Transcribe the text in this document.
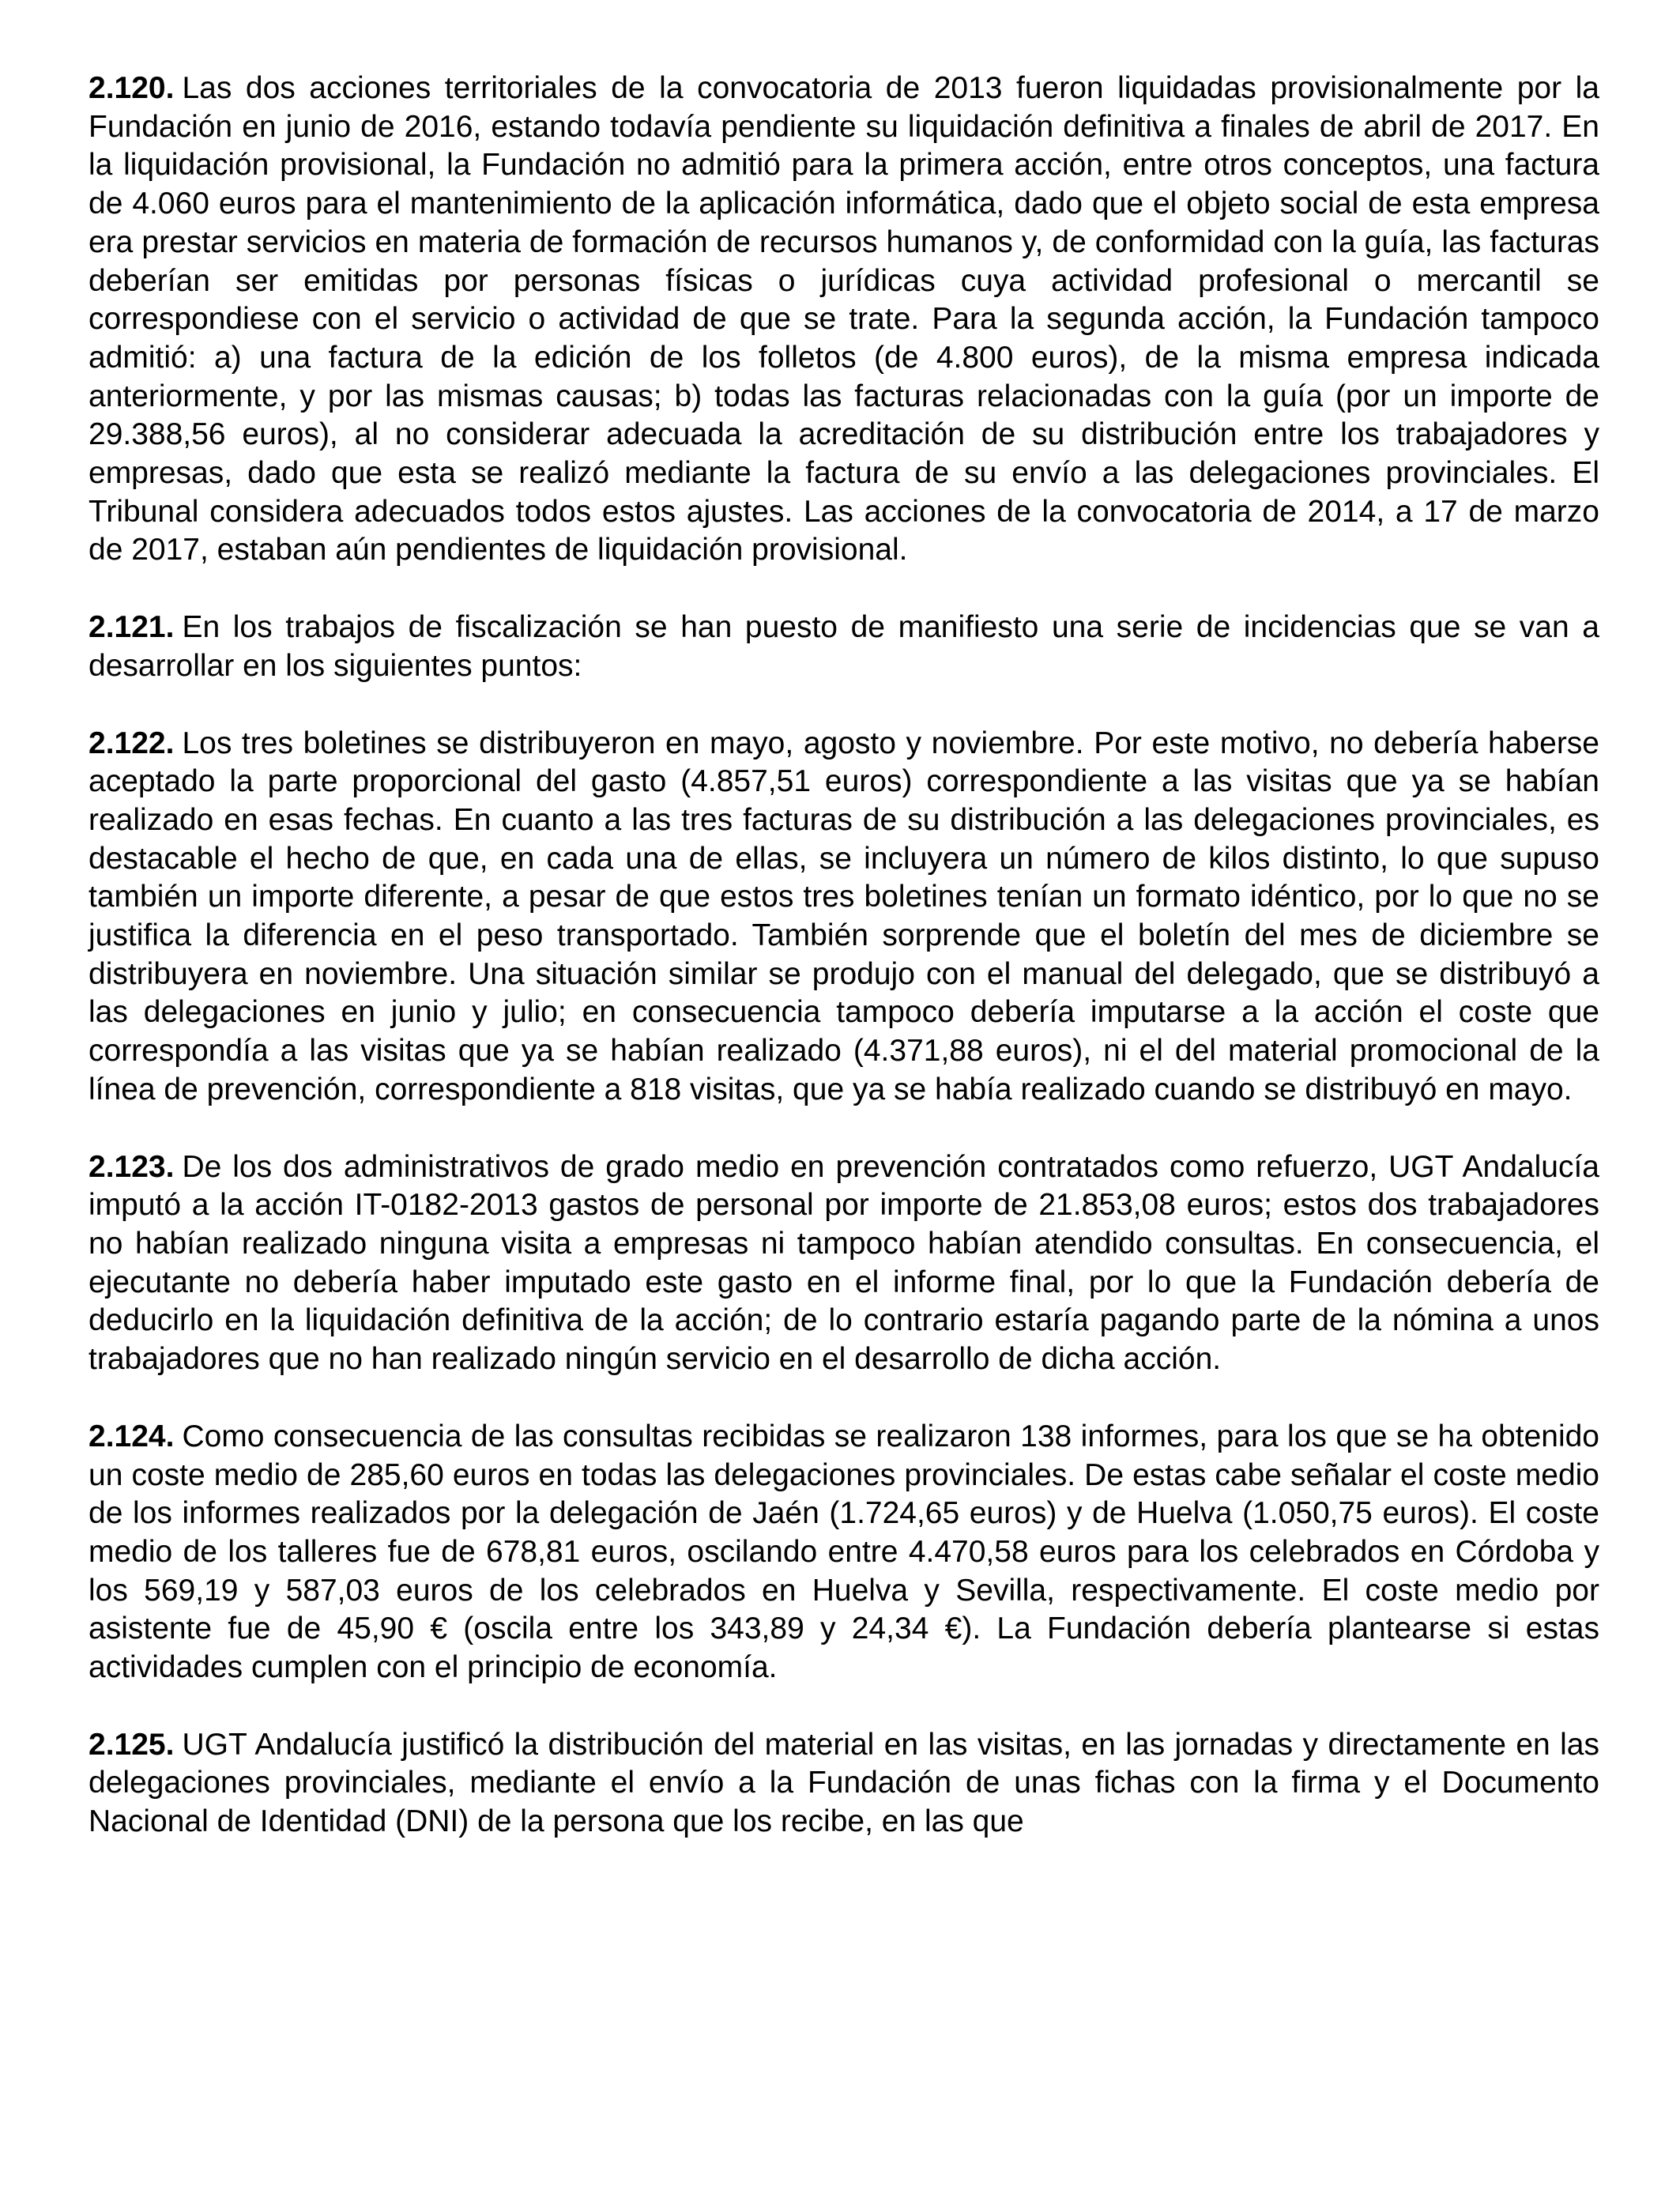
2.120. Las dos acciones territoriales de la convocatoria de 2013 fueron liquidadas provisionalmente por la Fundación en junio de 2016, estando todavía pendiente su liquidación definitiva a finales de abril de 2017. En la liquidación provisional, la Fundación no admitió para la primera acción, entre otros conceptos, una factura de 4.060 euros para el mantenimiento de la aplicación informática, dado que el objeto social de esta empresa era prestar servicios en materia de formación de recursos humanos y, de conformidad con la guía, las facturas deberían ser emitidas por personas físicas o jurídicas cuya actividad profesional o mercantil se correspondiese con el servicio o actividad de que se trate. Para la segunda acción, la Fundación tampoco admitió: a) una factura de la edición de los folletos (de 4.800 euros), de la misma empresa indicada anteriormente, y por las mismas causas; b) todas las facturas relacionadas con la guía (por un importe de 29.388,56 euros), al no considerar adecuada la acreditación de su distribución entre los trabajadores y empresas, dado que esta se realizó mediante la factura de su envío a las delegaciones provinciales. El Tribunal considera adecuados todos estos ajustes. Las acciones de la convocatoria de 2014, a 17 de marzo de 2017, estaban aún pendientes de liquidación provisional.

2.121. En los trabajos de fiscalización se han puesto de manifiesto una serie de incidencias que se van a desarrollar en los siguientes puntos:

2.122. Los tres boletines se distribuyeron en mayo, agosto y noviembre. Por este motivo, no debería haberse aceptado la parte proporcional del gasto (4.857,51 euros) correspondiente a las visitas que ya se habían realizado en esas fechas. En cuanto a las tres facturas de su distribución a las delegaciones provinciales, es destacable el hecho de que, en cada una de ellas, se incluyera un número de kilos distinto, lo que supuso también un importe diferente, a pesar de que estos tres boletines tenían un formato idéntico, por lo que no se justifica la diferencia en el peso transportado. También sorprende que el boletín del mes de diciembre se distribuyera en noviembre. Una situación similar se produjo con el manual del delegado, que se distribuyó a las delegaciones en junio y julio; en consecuencia tampoco debería imputarse a la acción el coste que correspondía a las visitas que ya se habían realizado (4.371,88 euros), ni el del material promocional de la línea de prevención, correspondiente a 818 visitas, que ya se había realizado cuando se distribuyó en mayo.

2.123. De los dos administrativos de grado medio en prevención contratados como refuerzo, UGT Andalucía imputó a la acción IT-0182-2013 gastos de personal por importe de 21.853,08 euros; estos dos trabajadores no habían realizado ninguna visita a empresas ni tampoco habían atendido consultas. En consecuencia, el ejecutante no debería haber imputado este gasto en el informe final, por lo que la Fundación debería de deducirlo en la liquidación definitiva de la acción; de lo contrario estaría pagando parte de la nómina a unos trabajadores que no han realizado ningún servicio en el desarrollo de dicha acción.

2.124. Como consecuencia de las consultas recibidas se realizaron 138 informes, para los que se ha obtenido un coste medio de 285,60 euros en todas las delegaciones provinciales. De estas cabe señalar el coste medio de los informes realizados por la delegación de Jaén (1.724,65 euros) y de Huelva (1.050,75 euros). El coste medio de los talleres fue de 678,81 euros, oscilando entre 4.470,58 euros para los celebrados en Córdoba y los 569,19 y 587,03 euros de los celebrados en Huelva y Sevilla, respectivamente. El coste medio por asistente fue de 45,90 € (oscila entre los 343,89 y 24,34 €). La Fundación debería plantearse si estas actividades cumplen con el principio de economía.

2.125. UGT Andalucía justificó la distribución del material en las visitas, en las jornadas y directamente en las delegaciones provinciales, mediante el envío a la Fundación de unas fichas con la firma y el Documento Nacional de Identidad (DNI) de la persona que los recibe, en las que
